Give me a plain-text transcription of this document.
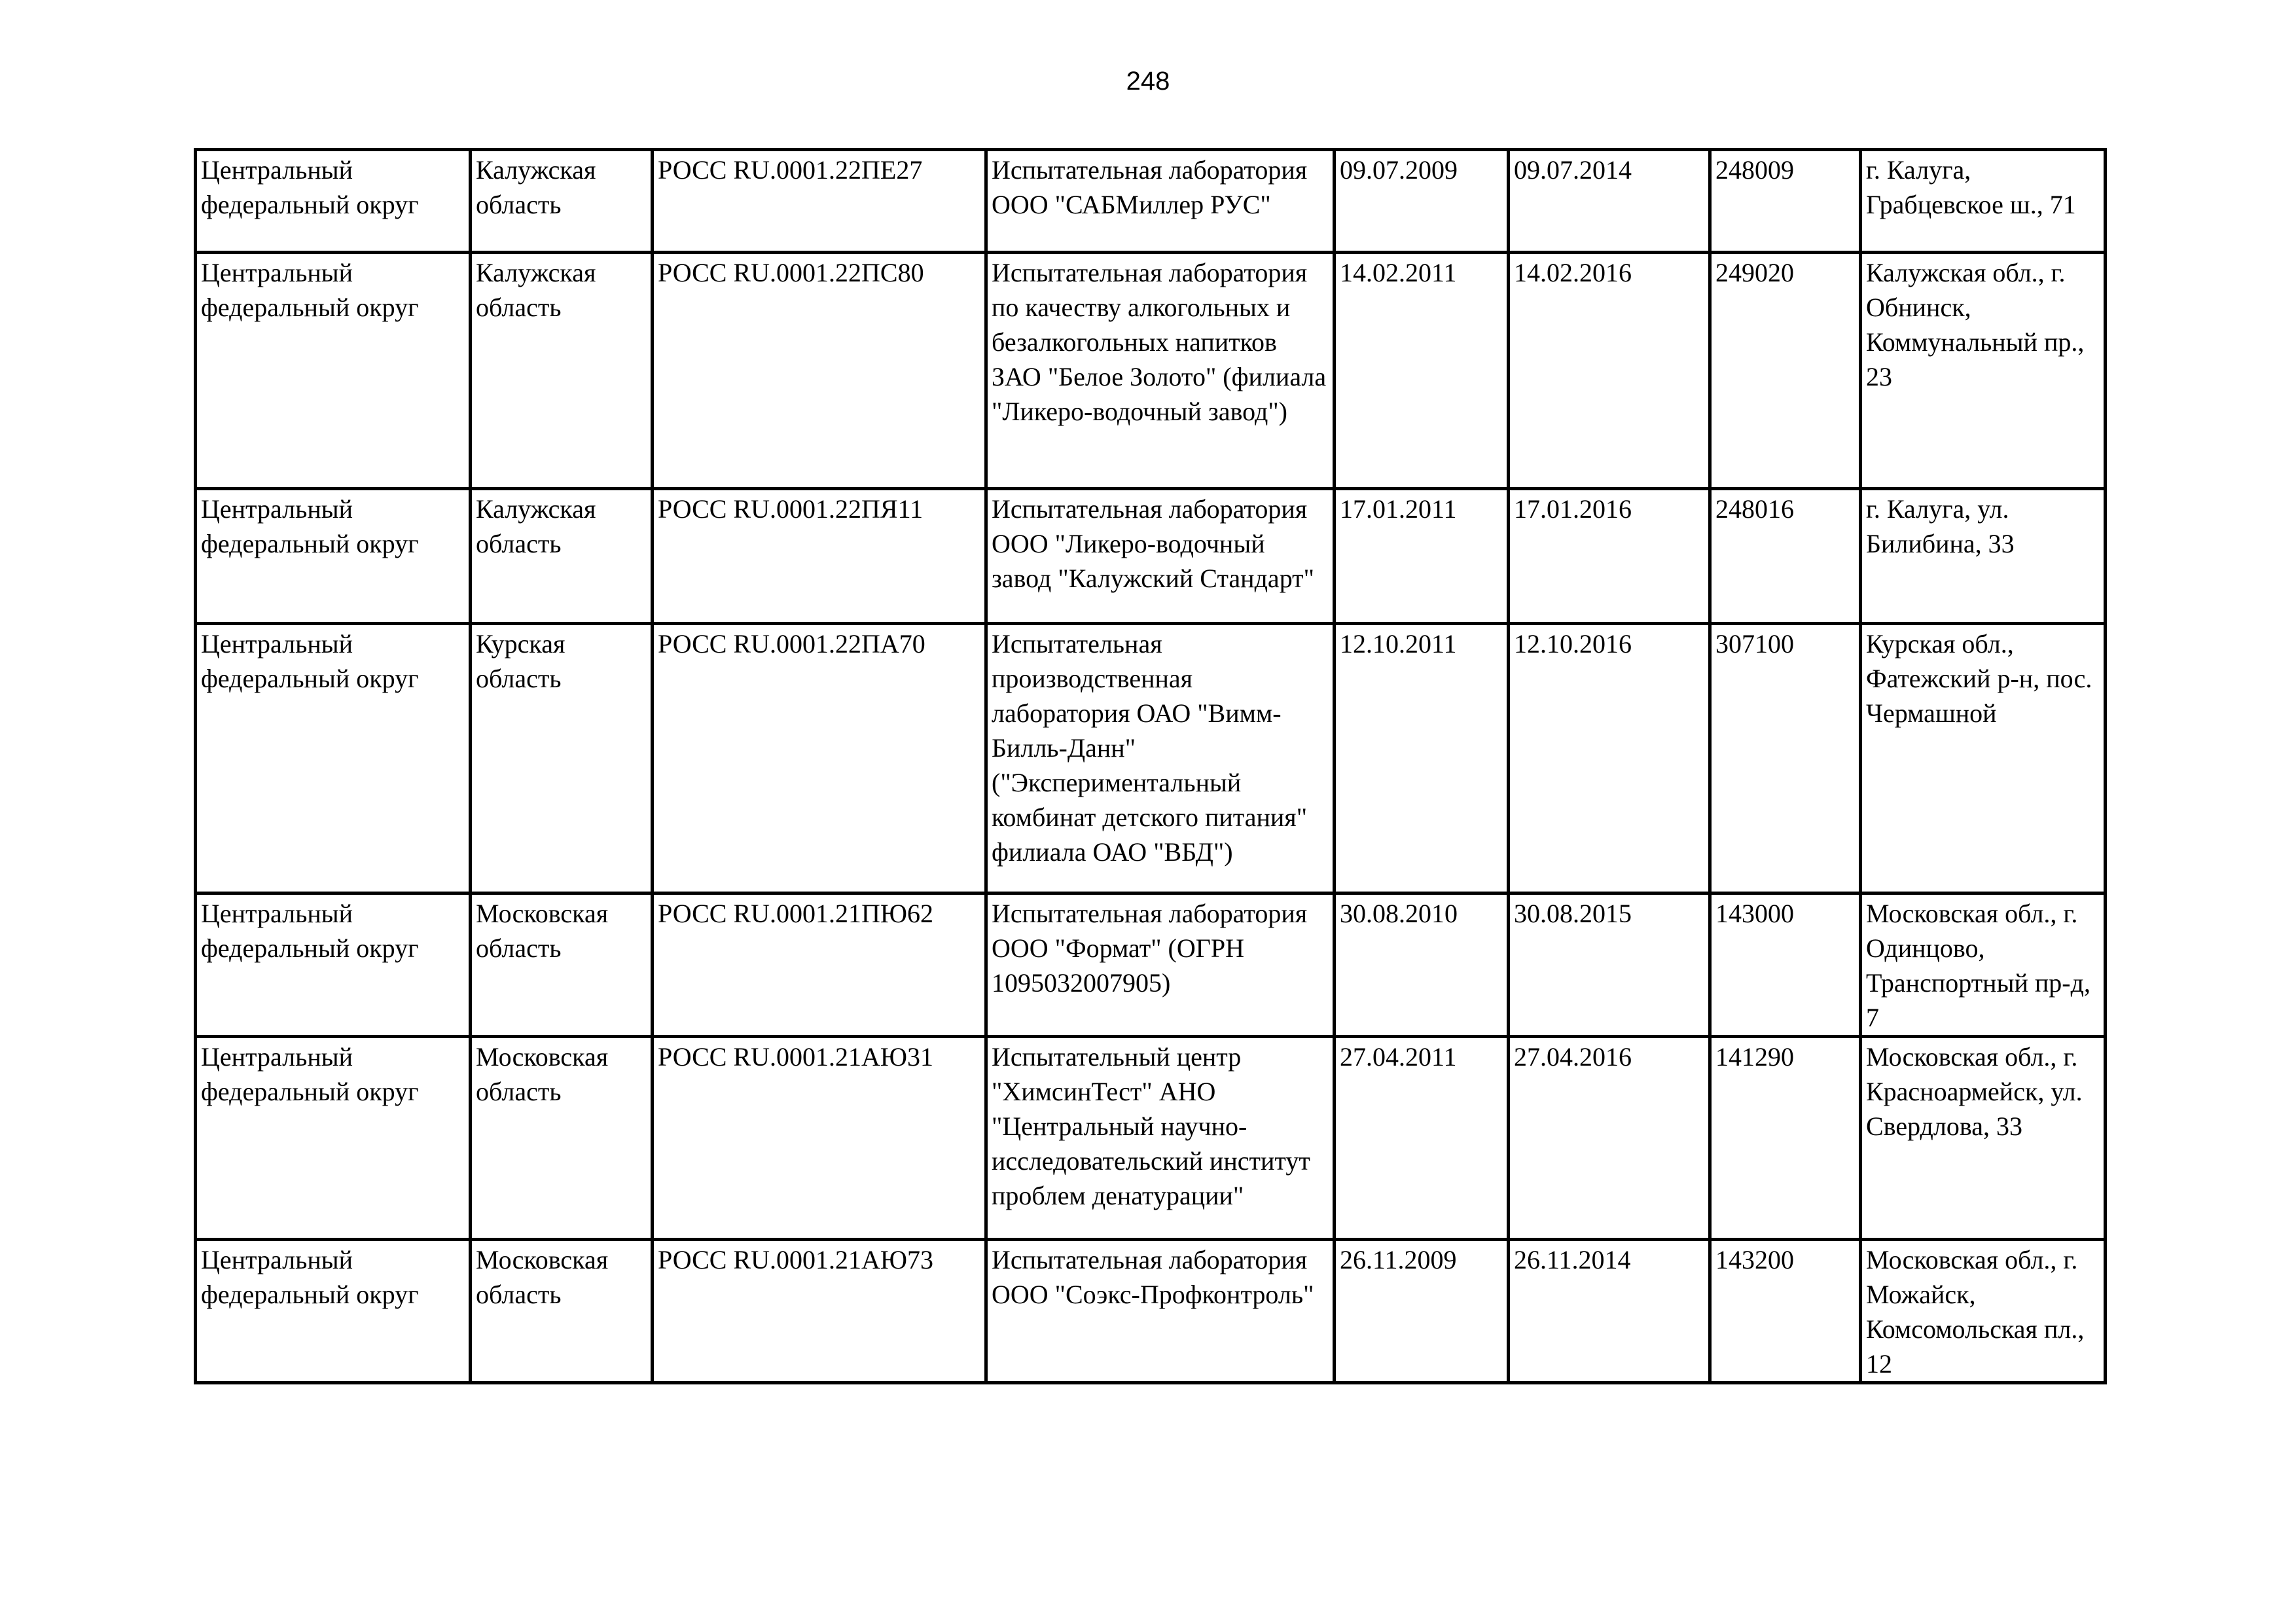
248
Центральный федеральный округ	Калужская область	РОСС RU.0001.22ПЕ27	Испытательная лаборатория ООО "САБМиллер РУС"	09.07.2009	09.07.2014	248009	г. Калуга, Грабцевское ш., 71
Центральный федеральный округ	Калужская область	РОСС RU.0001.22ПС80	Испытательная лаборатория по качеству алкогольных и безалкогольных напитков ЗАО "Белое Золото" (филиала "Ликеро-водочный завод")	14.02.2011	14.02.2016	249020	Калужская обл., г. Обнинск, Коммунальный пр., 23
Центральный федеральный округ	Калужская область	РОСС RU.0001.22ПЯ11	Испытательная лаборатория ООО "Ликеро-водочный завод "Калужский Стандарт"	17.01.2011	17.01.2016	248016	г. Калуга, ул. Билибина, 33
Центральный федеральный округ	Курская область	РОСС RU.0001.22ПА70	Испытательная производственная лаборатория ОАО "Вимм-Билль-Данн" ("Экспериментальный комбинат детского питания" филиала ОАО "ВБД")	12.10.2011	12.10.2016	307100	Курская обл., Фатежский р-н, пос. Чермашной
Центральный федеральный округ	Московская область	РОСС RU.0001.21ПЮ62	Испытательная лаборатория ООО "Формат" (ОГРН 1095032007905)	30.08.2010	30.08.2015	143000	Московская обл., г. Одинцово, Транспортный пр-д, 7
Центральный федеральный округ	Московская область	РОСС RU.0001.21АЮ31	Испытательный центр "ХимсинТест" АНО "Центральный научно-исследовательский институт проблем денатурации"	27.04.2011	27.04.2016	141290	Московская обл., г. Красноармейск, ул. Свердлова, 33
Центральный федеральный округ	Московская область	РОСС RU.0001.21АЮ73	Испытательная лаборатория ООО "Соэкс-Профконтроль"	26.11.2009	26.11.2014	143200	Московская обл., г. Можайск, Комсомольская пл., 12
